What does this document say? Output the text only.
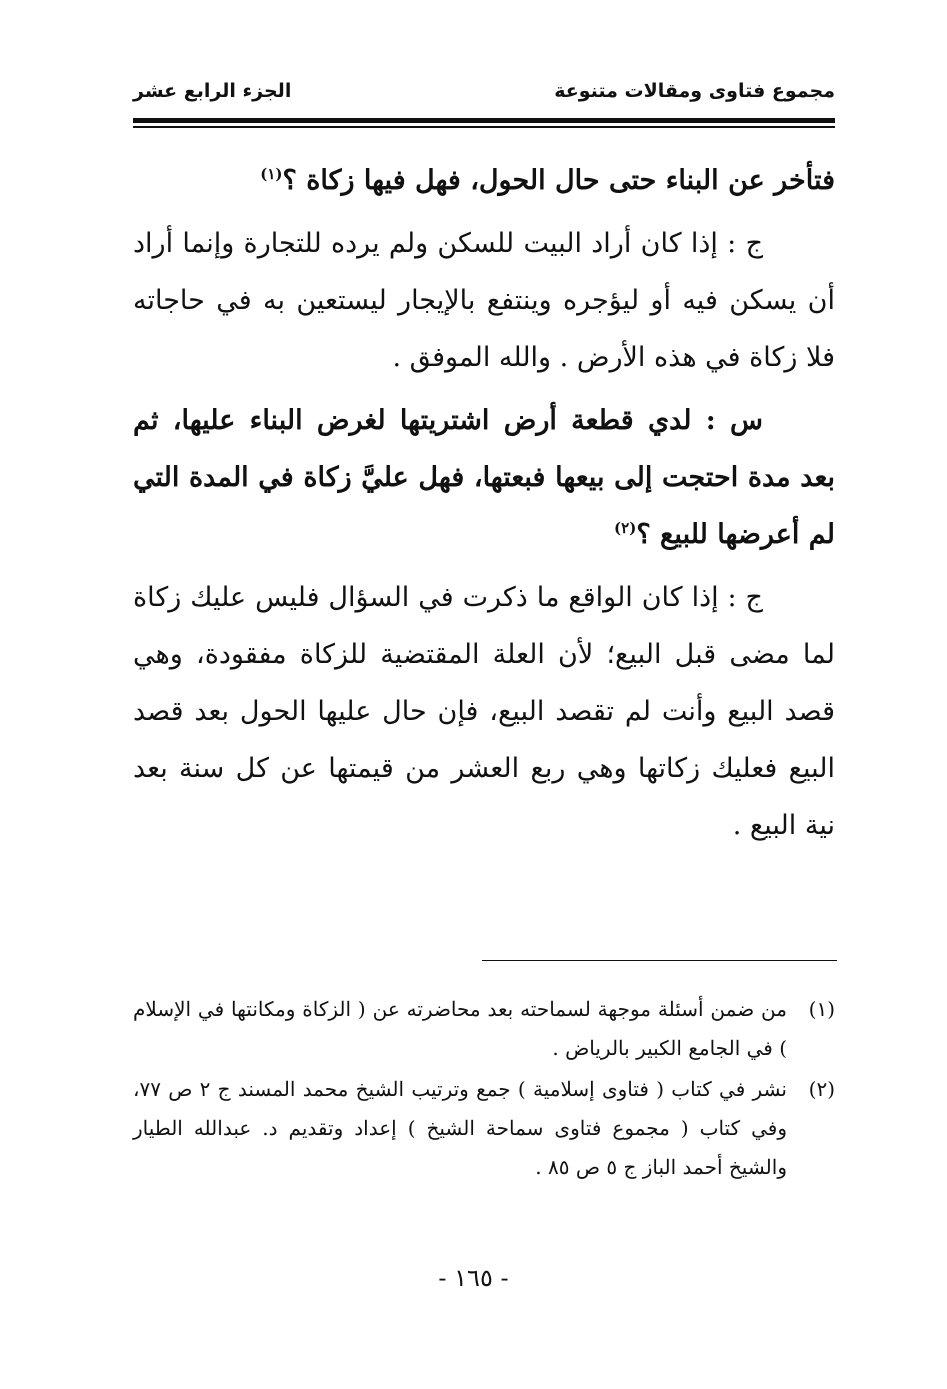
مجموع فتاوى ومقالات متنوعة
الجزء الرابع عشر

فتأخر عن البناء حتى حال الحول، فهل فيها زكاة ؟$^{(١)}$

ج : إذا كان أراد البيت للسكن ولم يرده للتجارة وإنما أراد أن يسكن فيه أو ليؤجره وينتفع بالإيجار ليستعين به في حاجاته فلا زكاة في هذه الأرض . والله الموفق .

س : لدي قطعة أرض اشتريتها لغرض البناء عليها، ثم بعد مدة احتجت إلى بيعها فبعتها، فهل عليَّ زكاة في المدة التي لم أعرضها للبيع ؟$^{(٢)}$

ج : إذا كان الواقع ما ذكرت في السؤال فليس عليك زكاة لما مضى قبل البيع؛ لأن العلة المقتضية للزكاة مفقودة، وهي قصد البيع وأنت لم تقصد البيع، فإن حال عليها الحول بعد قصد البيع فعليك زكاتها وهي ربع العشر من قيمتها عن كل سنة بعد نية البيع .

(١)
من ضمن أسئلة موجهة لسماحته بعد محاضرته عن ( الزكاة ومكانتها في الإسلام ) في الجامع الكبير بالرياض .
(٢)
نشر في كتاب ( فتاوى إسلامية ) جمع وترتيب الشيخ محمد المسند ج ٢ ص ٧٧، وفي كتاب ( مجموع فتاوى سماحة الشيخ ) إعداد وتقديم د. عبدالله الطيار والشيخ أحمد الباز ج ٥ ص ٨٥ .
- ١٦٥ -
